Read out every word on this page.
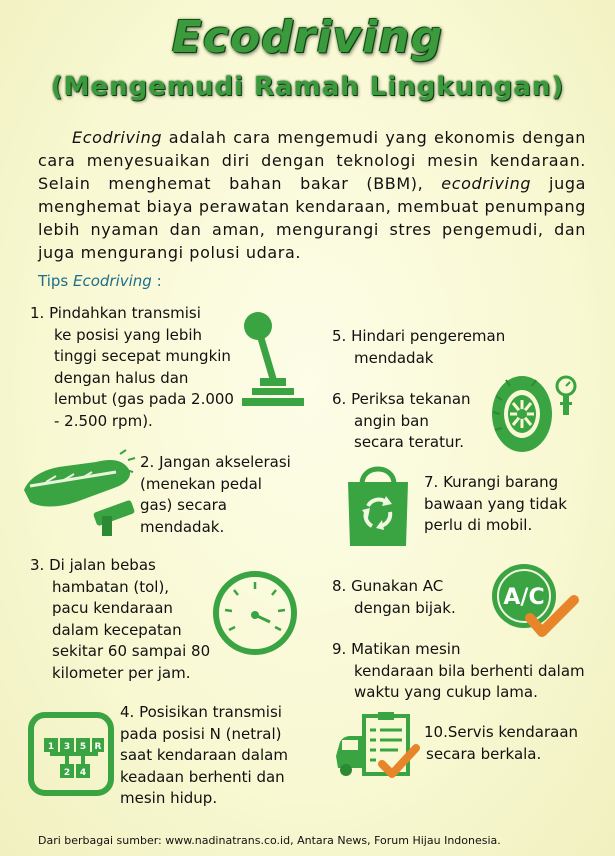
Ecodriving
(Mengemudi Ramah Lingkungan)
Ecodriving adalah cara mengemudi yang ekonomis dengan cara menyesuaikan diri dengan teknologi mesin kendaraan. Selain menghemat bahan bakar (BBM), ecodriving juga menghemat biaya perawatan kendaraan, membuat penumpang lebih nyaman dan aman, mengurangi stres pengemudi, dan juga mengurangi polusi udara.
Tips Ecodriving :
1. Pindahkan transmisi
ke posisi yang lebih
tinggi secepat mungkin
dengan halus dan
lembut (gas pada 2.000
- 2.500 rpm).
2. Jangan akselerasi
(menekan pedal
gas) secara
mendadak.
3. Di jalan bebas
hambatan (tol),
pacu kendaraan
dalam kecepatan
sekitar 60 sampai 80
kilometer per jam.
1 3 5 R
2 4
4. Posisikan transmisi
pada posisi N (netral)
saat kendaraan dalam
keadaan berhenti dan
mesin hidup.
5. Hindari pengereman
mendadak
6. Periksa tekanan
angin ban
secara teratur.
7. Kurangi barang
bawaan yang tidak
perlu di mobil.
8. Gunakan AC
dengan bijak. A/C
9. Matikan mesin
kendaraan bila berhenti dalam
waktu yang cukup lama.
10.Servis kendaraan
secara berkala.
Dari berbagai sumber: www.nadinatrans.co.id, Antara News, Forum Hijau Indonesia.
